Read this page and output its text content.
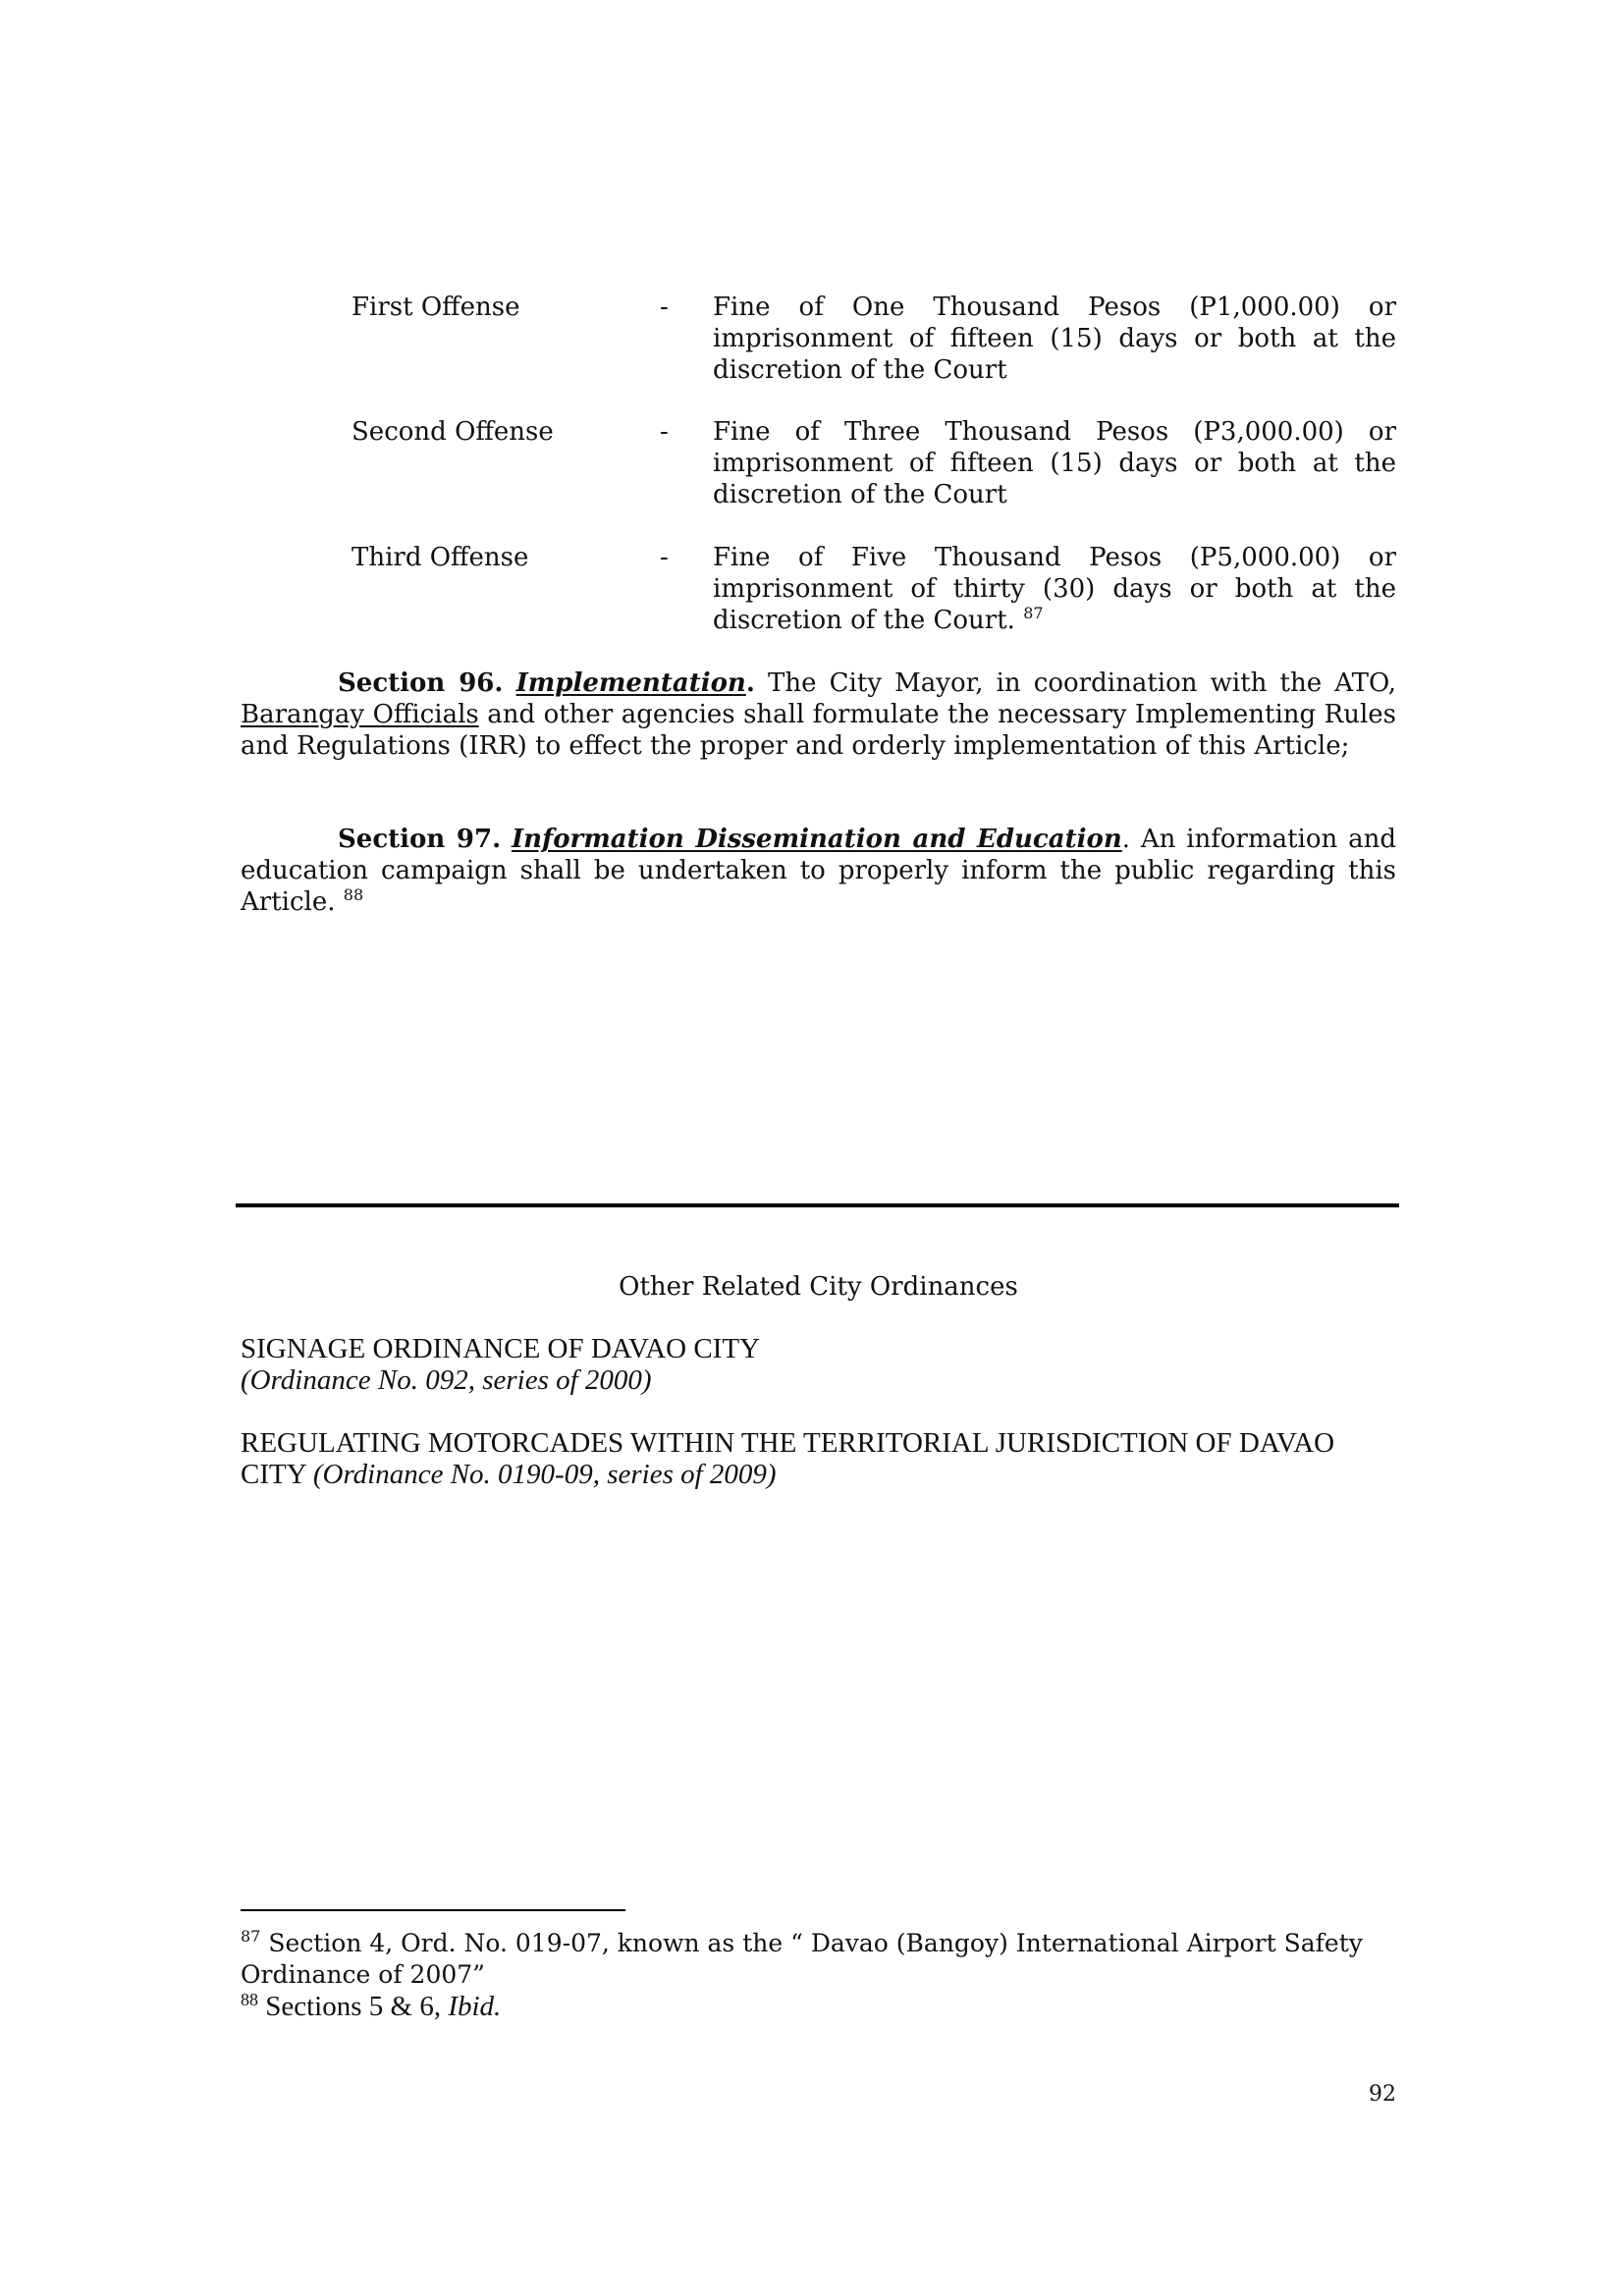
First Offense	- Fine of One Thousand Pesos (P1,000.00) or imprisonment of fifteen (15) days or both at the discretion of the Court
Second Offense	- Fine of Three Thousand Pesos (P3,000.00) or imprisonment of fifteen (15) days or both at the discretion of the Court
Third Offense	- Fine of Five Thousand Pesos (P5,000.00) or imprisonment of thirty (30) days or both at the discretion of the Court. $^{87}$
Section 96. Implementation. The City Mayor, in coordination with the ATO, Barangay Officials and other agencies shall formulate the necessary Implementing Rules and Regulations (IRR) to effect the proper and orderly implementation of this Article;
Section 97. Information Dissemination and Education. An information and education campaign shall be undertaken to properly inform the public regarding this Article. $^{88}$
Other Related City Ordinances
SIGNAGE ORDINANCE OF DAVAO CITY
(Ordinance No. 092, series of 2000)
REGULATING MOTORCADES WITHIN THE TERRITORIAL JURISDICTION OF DAVAO CITY (Ordinance No. 0190-09, series of 2009)
$^{87}$ Section 4, Ord. No. 019-07, known as the “ Davao (Bangoy) International Airport Safety Ordinance of 2007”
$^{88}$ Sections 5 & 6, Ibid.
92
